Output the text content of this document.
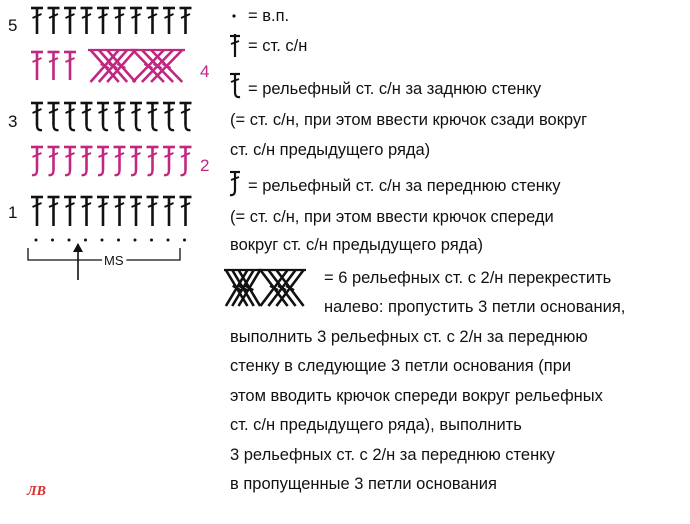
MS
5
4
3
2
1
= в.п.
= ст. с/н
= рельефный ст. с/н за заднюю стенку
(= ст. с/н, при этом ввести крючок сзади вокруг
ст. с/н предыдущего ряда)
= рельефный ст. с/н за переднюю стенку
(= ст. с/н, при этом ввести крючок спереди
вокруг ст. с/н предыдущего ряда)
= 6 рельефных ст. с 2/н перекрестить
налево: пропустить 3 петли основания,
выполнить 3 рельефных ст. с 2/н за переднюю
стенку в следующие 3 петли основания (при
этом вводить крючок спереди вокруг рельефных
ст. с/н предыдущего ряда), выполнить
3 рельефных ст. с 2/н за переднюю стенку
в пропущенные 3 петли основания
ЛВ
